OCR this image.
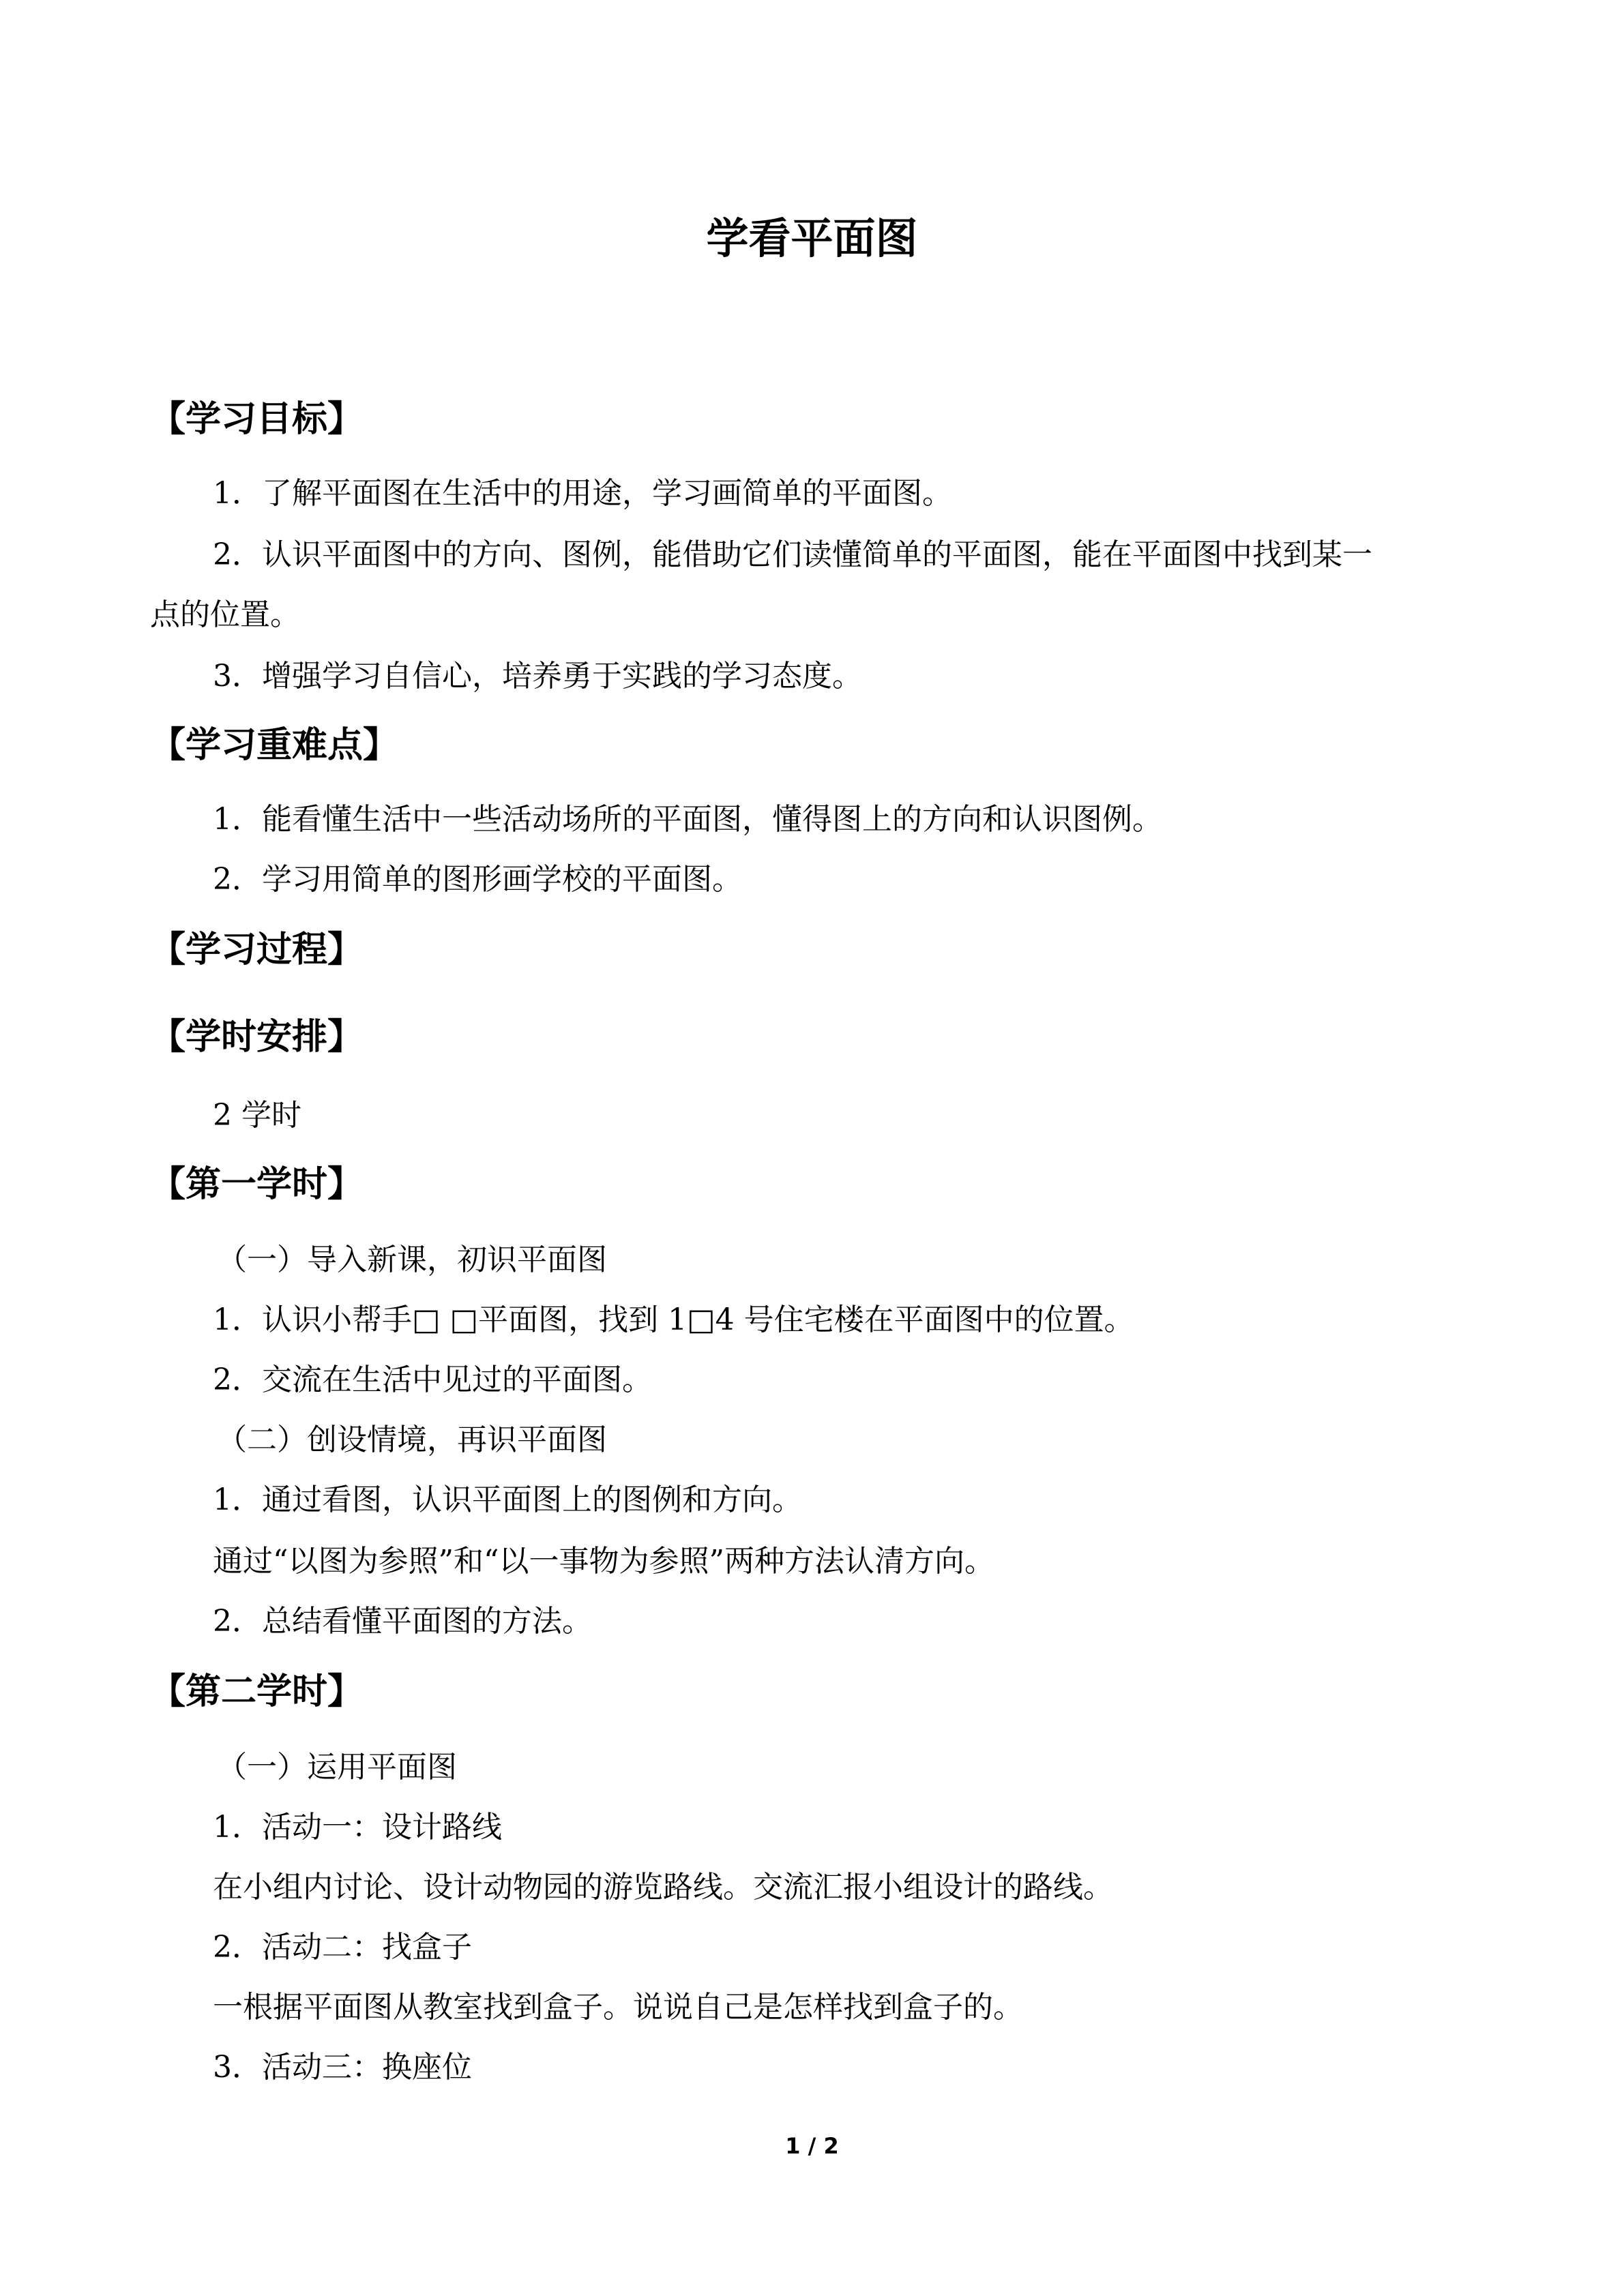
学看平面图
【学习目标】
1．了解平面图在生活中的用途，学习画简单的平面图。
2．认识平面图中的方向、图例，能借助它们读懂简单的平面图，能在平面图中找到某一
点的位置。
3．增强学习自信心，培养勇于实践的学习态度。
【学习重难点】
1．能看懂生活中一些活动场所的平面图，懂得图上的方向和认识图例。
2．学习用简单的图形画学校的平面图。
【学习过程】
【学时安排】
2 学时
【第一学时】
（一）导入新课，初识平面图
1．认识小帮手□ □平面图，找到 1□4 号住宅楼在平面图中的位置。
2．交流在生活中见过的平面图。
（二）创设情境，再识平面图
1．通过看图，认识平面图上的图例和方向。
通过“以图为参照”和“以一事物为参照”两种方法认清方向。
2．总结看懂平面图的方法。
【第二学时】
（一）运用平面图
1．活动一：设计路线
在小组内讨论、设计动物园的游览路线。交流汇报小组设计的路线。
2．活动二：找盒子
一根据平面图从教室找到盒子。说说自己是怎样找到盒子的。
3．活动三：换座位
1 / 2
